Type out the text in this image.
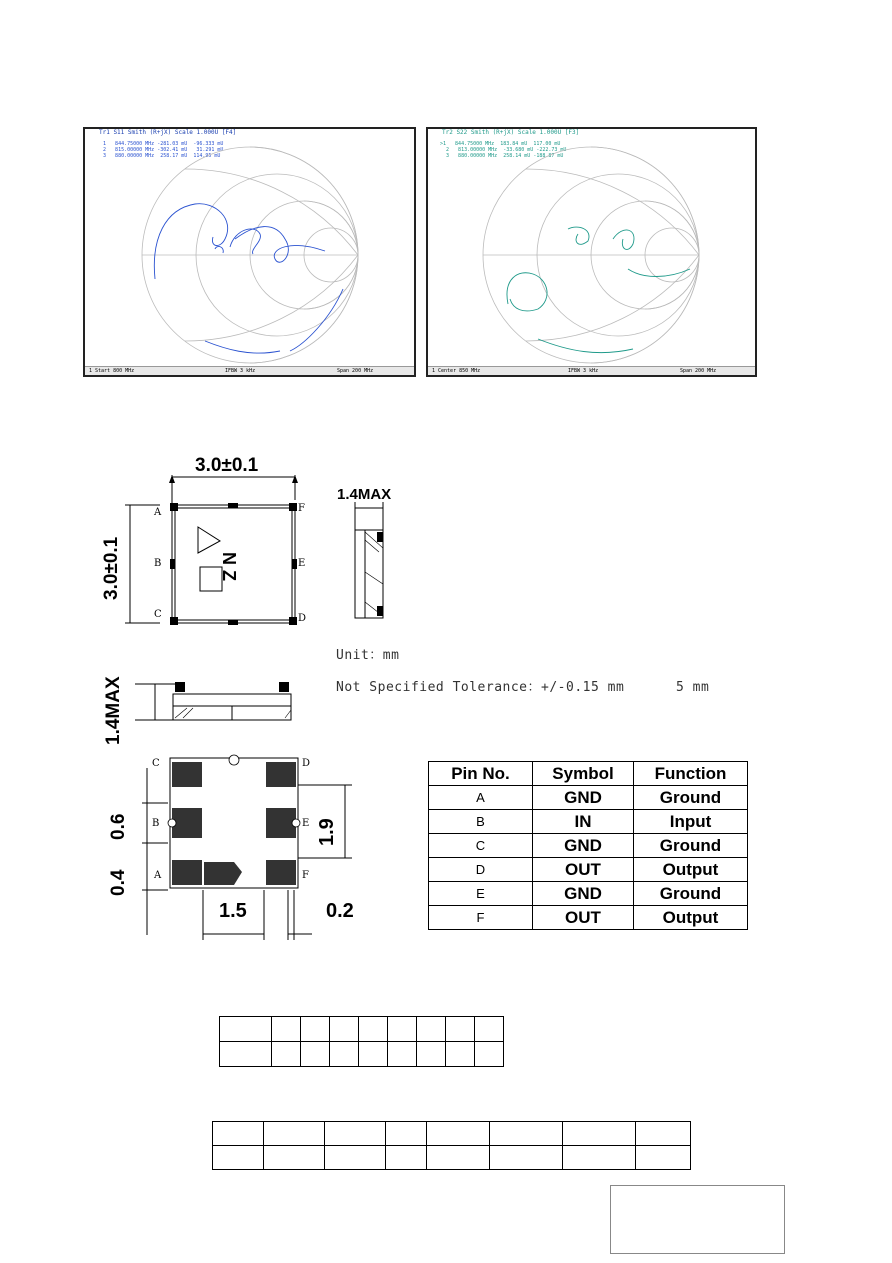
Tr1 S11 Smith (R+jX) Scale 1.000U [F4]
1   844.75000 MHz -281.03 mU  -96.333 mU
2   815.00000 MHz -302.41 mU   31.291 mU
3   880.00000 MHz  258.17 mU  114.95 mU
1 Start 800 MHz	IFBW 3 kHz	Span 200 MHz
Tr2 S22 Smith (R+jX) Scale 1.000U [F3]
>1   844.75000 MHz  183.84 mU  117.00 mU
2   813.00000 MHz  -33.680 mU -222.73 mU
3   880.00000 MHz  258.14 mU -188.87 mU
1 Center 850 MHz	IFBW 3 kHz	Span 200 MHz
3.0±0.1
3.0±0.1
A
B
C
F
E
D
N Z
1.4MAX
1.4MAX
Unit：mm
Not Specified Tolerance：+/-0.15 mm	5 mm
C
B
A
D
E
F
0.6
0.4
1.9
1.5	0.2
Pin No.	Symbol	Function
A	GND	Ground
B	IN	Input
C	GND	Ground
D	OUT	Output
E	GND	Ground
F	OUT	Output
